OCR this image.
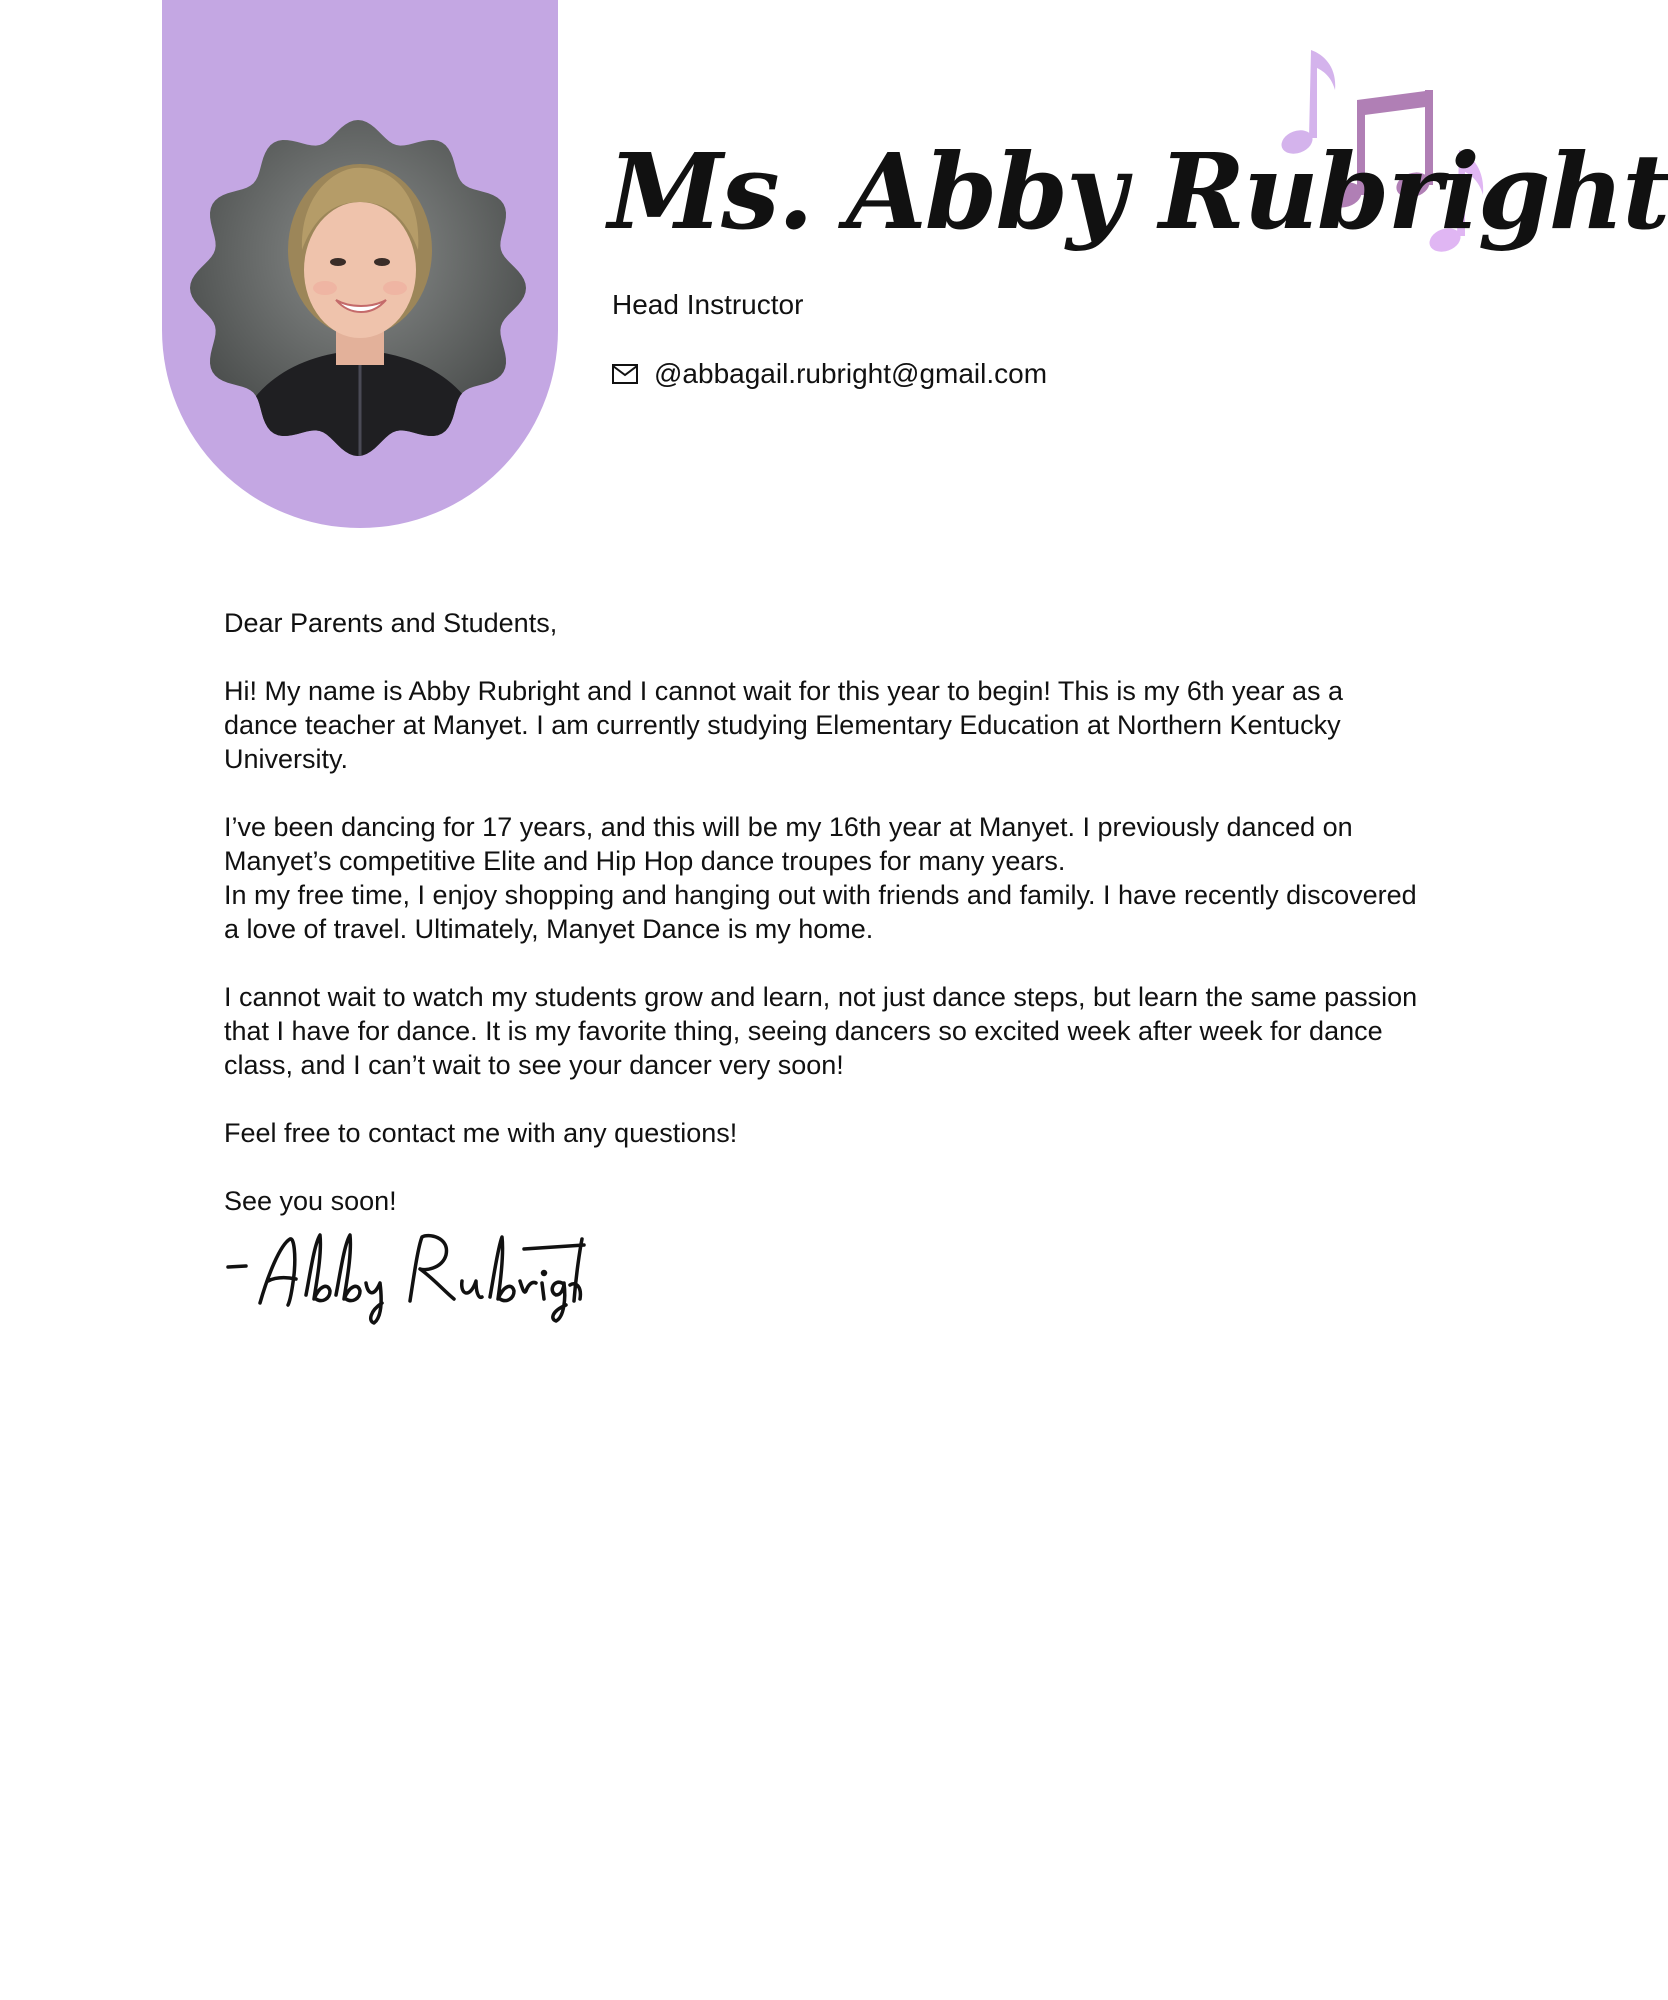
Ms. Abby Rubright
Head Instructor
@abbagail.rubright@gmail.com

Dear Parents and Students,

Hi! My name is Abby Rubright and I cannot wait for this year to begin! This is my 6th year as a dance teacher at Manyet. I am currently studying Elementary Education at Northern Kentucky University.

I’ve been dancing for 17 years, and this will be my 16th year at Manyet. I previously danced on Manyet’s competitive Elite and Hip Hop dance troupes for many years.

In my free time, I enjoy shopping and hanging out with friends and family. I have recently discovered a love of travel. Ultimately, Manyet Dance is my home.

I cannot wait to watch my students grow and learn, not just dance steps, but learn the same passion that I have for dance. It is my favorite thing, seeing dancers so excited week after week for dance class, and I can’t wait to see your dancer very soon!

Feel free to contact me with any questions!

See you soon!
